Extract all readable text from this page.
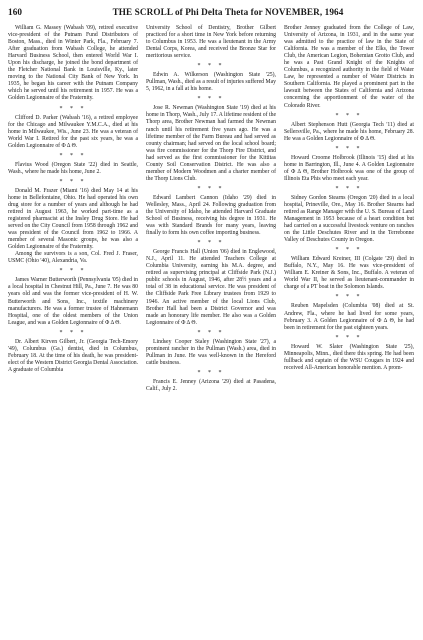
160	THE SCROLL of Phi Delta Theta for NOVEMBER, 1964

William G. Massey (Wabash '09), retired executive vice-president of the Putnam Fund Distributors of Boston, Mass., died in Winter Park, Fla., February 7. After graduation from Wabash College, he attended Harvard Business School, then entered World War I. Upon his discharge, he joined the bond department of the Fletcher National Bank in Louisville, Ky., later moving to the National City Bank of New York. In 1935, he began his career with the Putnam Company which he served until his retirement in 1957. He was a Golden Legionnaire of the Fraternity.

* * *

Clifford D. Parker (Wabash '16), a retired employee for the Chicago and Milwaukee Y.M.C.A., died at his home in Milwaukee, Wis., June 23. He was a veteran of World War I. Retired for the past six years, he was a Golden Legionnaire of Φ Δ Θ.

* * *

Flavius Wood (Oregon State '22) died in Seattle, Wash., where he made his home, June 2.

* * *

Donald M. Frazer (Miami '16) died May 14 at his home in Bellefontaine, Ohio. He had operated his own drug store for a number of years and although he had retired in August 1963, he worked part-time as a registered pharmacist at the Insley Drug Store. He had served on the City Council from 1958 through 1962 and was president of the Council from 1962 to 1966. A member of several Masonic groups, he was also a Golden Legionnaire of the Fraternity.

Among the survivors is a son, Col. Fred J. Fraser, USMC (Ohio '40), Alexandria, Va.

* * *

James Warner Butterworth (Pennsylvania '05) died in a local hospital in Chestnut Hill, Pa., June 7. He was 80 years old and was the former vice-president of H. W. Butterworth and Sons, Inc., textile machinery manufacturers. He was a former trustee of Hahnemann Hospital, one of the oldest members of the Union League, and was a Golden Legionnaire of Φ Δ Θ.

* * *

Dr. Albert Kirven Gilbert, Jr. (Georgia Tech-Emory '49), Columbus (Ga.) dentist, died in Columbus, February 18. At the time of his death, he was president-elect of the Western District Georgia Dental Association. A graduate of Columbia

University School of Dentistry, Brother Gilbert practiced for a short time in New York before returning to Columbus in 1953. He was a lieutenant in the Army Dental Corps, Korea, and received the Bronze Star for meritorious service.

* * *

Edwin A. Wilkerson (Washington State '25), Pullman, Wash., died as a result of injuries suffered May 5, 1962, in a fall at his home.

* * *

Jose R. Newman (Washington State '19) died at his home in Thorp, Wash., July 17. A lifetime resident of the Thorp area, Brother Newman had farmed the Newman ranch until his retirement five years ago. He was a lifetime member of the Farm Bureau and had served as county chairman; had served on the local school board; was fire commissioner for the Thorp Fire District, and had served as the first commissioner for the Kittitas County Soil Conservation District. He was also a member of Modern Woodmen and a charter member of the Thorp Lions Club.

* * *

Edward Lambert Cannon (Idaho '29) died in Wellesley, Mass., April 24. Following graduation from the University of Idaho, he attended Harvard Graduate School of Business, receiving his degree in 1931. He was with Standard Brands for many years, leaving finally to form his own coffee importing business.

* * *

George Francis Hall (Union '06) died in Englewood, N.J., April 11. He attended Teachers College at Columbia University, earning his M.A. degree, and retired as supervising principal at Cliffside Park (N.J.) public schools in August, 1946, after 28½ years and a total of 38 in educational service. He was president of the Cliffside Park Free Library trustees from 1929 to 1946. An active member of the local Lions Club, Brother Hall had been a District Governor and was made an honorary life member. He also was a Golden Legionnaire of Φ Δ Θ.

* * *

Lindsey Cooper Staley (Washington State '27), a prominent rancher in the Pullman (Wash.) area, died in Pullman in June. He was well-known in the Hereford cattle business.

* * *

Francis E. Jenney (Arizona '29) died at Pasadena, Calif., July 2.

Brother Jenney graduated from the College of Law, University of Arizona, in 1931, and in the same year was admitted to the practice of law in the State of California. He was a member of the Elks, the Tower Club, the American Legion, Bohemian Grotto Club, and he was a Past Grand Knight of the Knights of Columbus, a recognized authority in the field of Water Law, he represented a number of Water Districts in Southern California. He played a prominent part in the lawsuit between the States of California and Arizona concerning the apportionment of the water of the Colorado River.

* * *

Albert Stephenson Hutt (Georgia Tech '11) died at Sellersville, Pa., where he made his home, February 28. He was a Golden Legionnaire of Φ Δ Θ.

* * *

Howard Croome Holbrook (Illinois '15) died at his home in Barrington, Ill., June 4. A Golden Legionnaire of Φ Δ Θ, Brother Holbrook was one of the group of Illinois Eta Phis who meet each year.

* * *

Sidney Gordon Stearns (Oregon '20) died in a local hospital, Prineville, Ore., May 16. Brother Stearns had retired as Range Manager with the U. S. Bureau of Land Management in 1953 because of a heart condition but had carried on a successful livestock venture on ranches on the Little Deschutes River and in the Terrebonne Valley of Deschutes County in Oregon.

* * *

William Edward Kreiner, III (Colgate '29) died in Buffalo, N.Y., May 16. He was vice-president of William E. Kreiner & Sons, Inc., Buffalo. A veteran of World War II, he served as lieutenant-commander in charge of a PT boat in the Solomon Islands.

* * *

Reuben Mapelsden (Columbia '08) died at St. Andrew, Fla., where he had lived for some years, February 3. A Golden Legionnaire of Φ Δ Θ, he had been in retirement for the past eighteen years.

* * *

Howard W. Slater (Washington State '25), Minneapolis, Minn., died there this spring. He had been fullback and captain of the WSU Cougars in 1924 and received All-American honorable mention. A prom-
